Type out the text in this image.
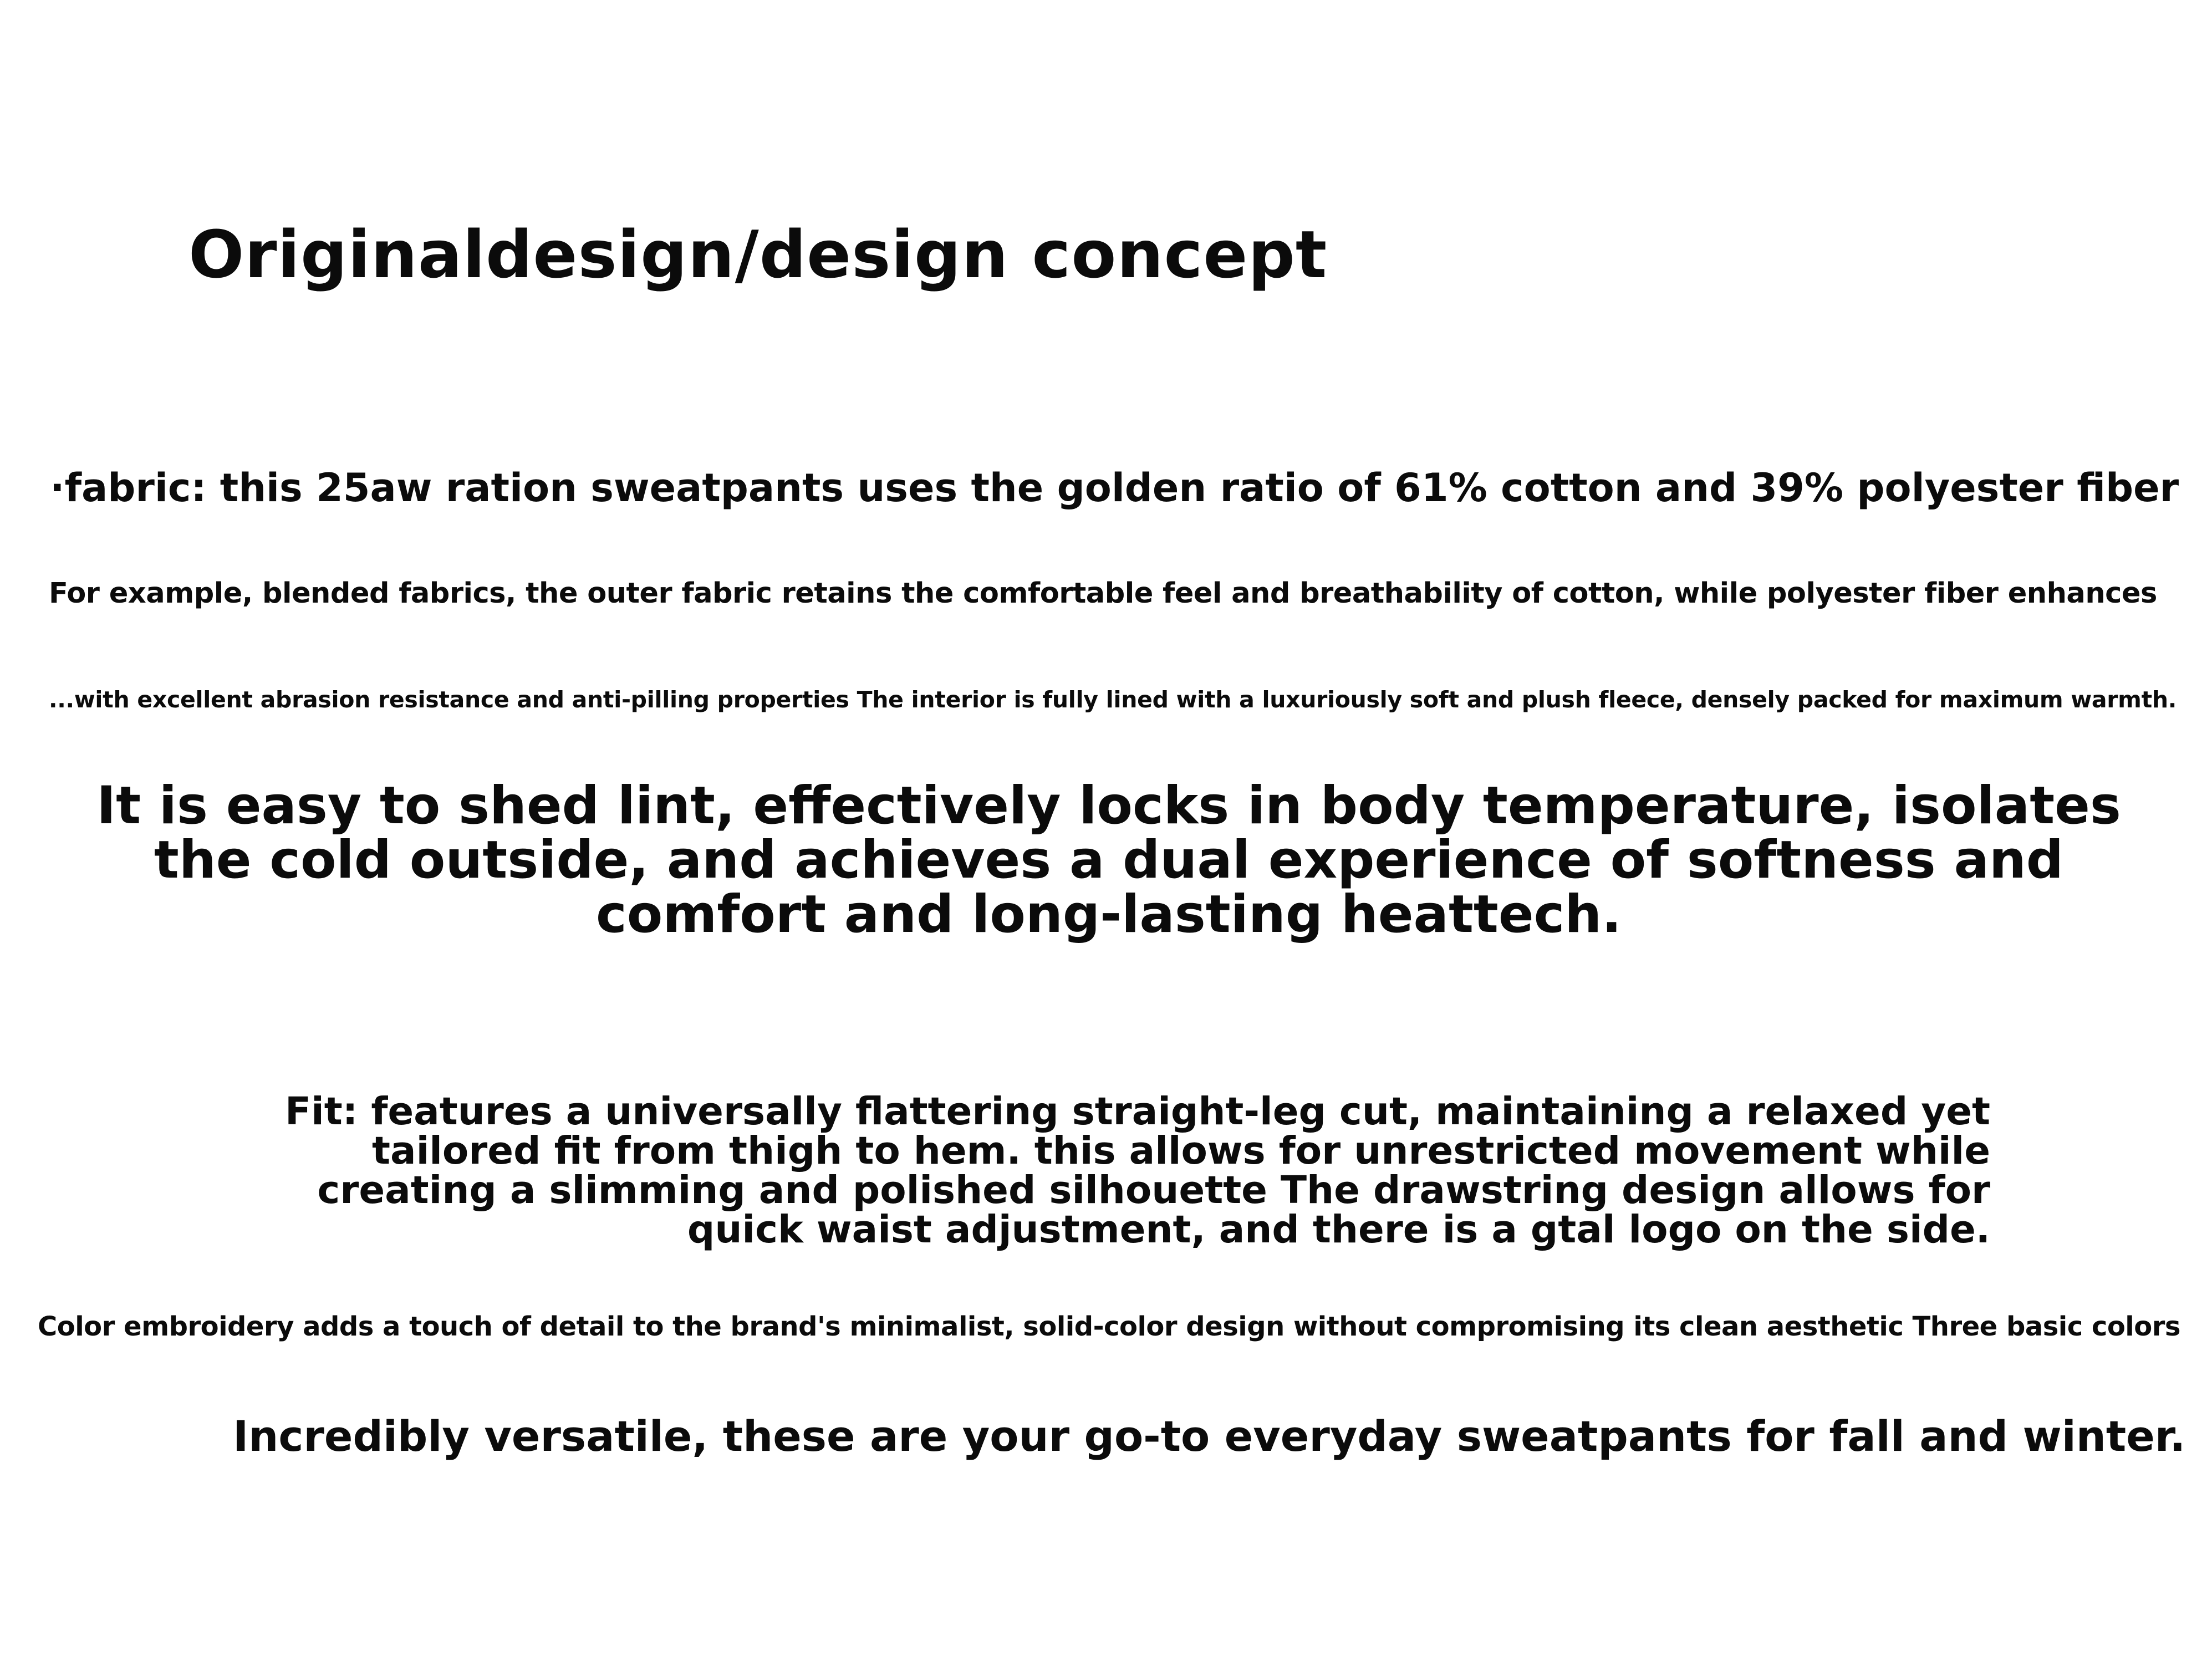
Originaldesign/design concept

·fabric: this 25aw ration sweatpants uses the golden ratio of 61% cotton and 39% polyester fiber

For example, blended fabrics, the outer fabric retains the comfortable feel and breathability of cotton, while polyester fiber enhances

...with excellent abrasion resistance and anti-pilling properties The interior is fully lined with a luxuriously soft and plush fleece, densely packed for maximum warmth.

It is easy to shed lint, effectively locks in body temperature, isolates the cold outside, and achieves a dual experience of softness and comfort and long-lasting heattech.

Fit: features a universally flattering straight-leg cut, maintaining a relaxed yet tailored fit from thigh to hem. this allows for unrestricted movement while creating a slimming and polished silhouette The drawstring design allows for quick waist adjustment, and there is a gtal logo on the side.

Color embroidery adds a touch of detail to the brand's minimalist, solid-color design without compromising its clean aesthetic Three basic colors

Incredibly versatile, these are your go-to everyday sweatpants for fall and winter.
